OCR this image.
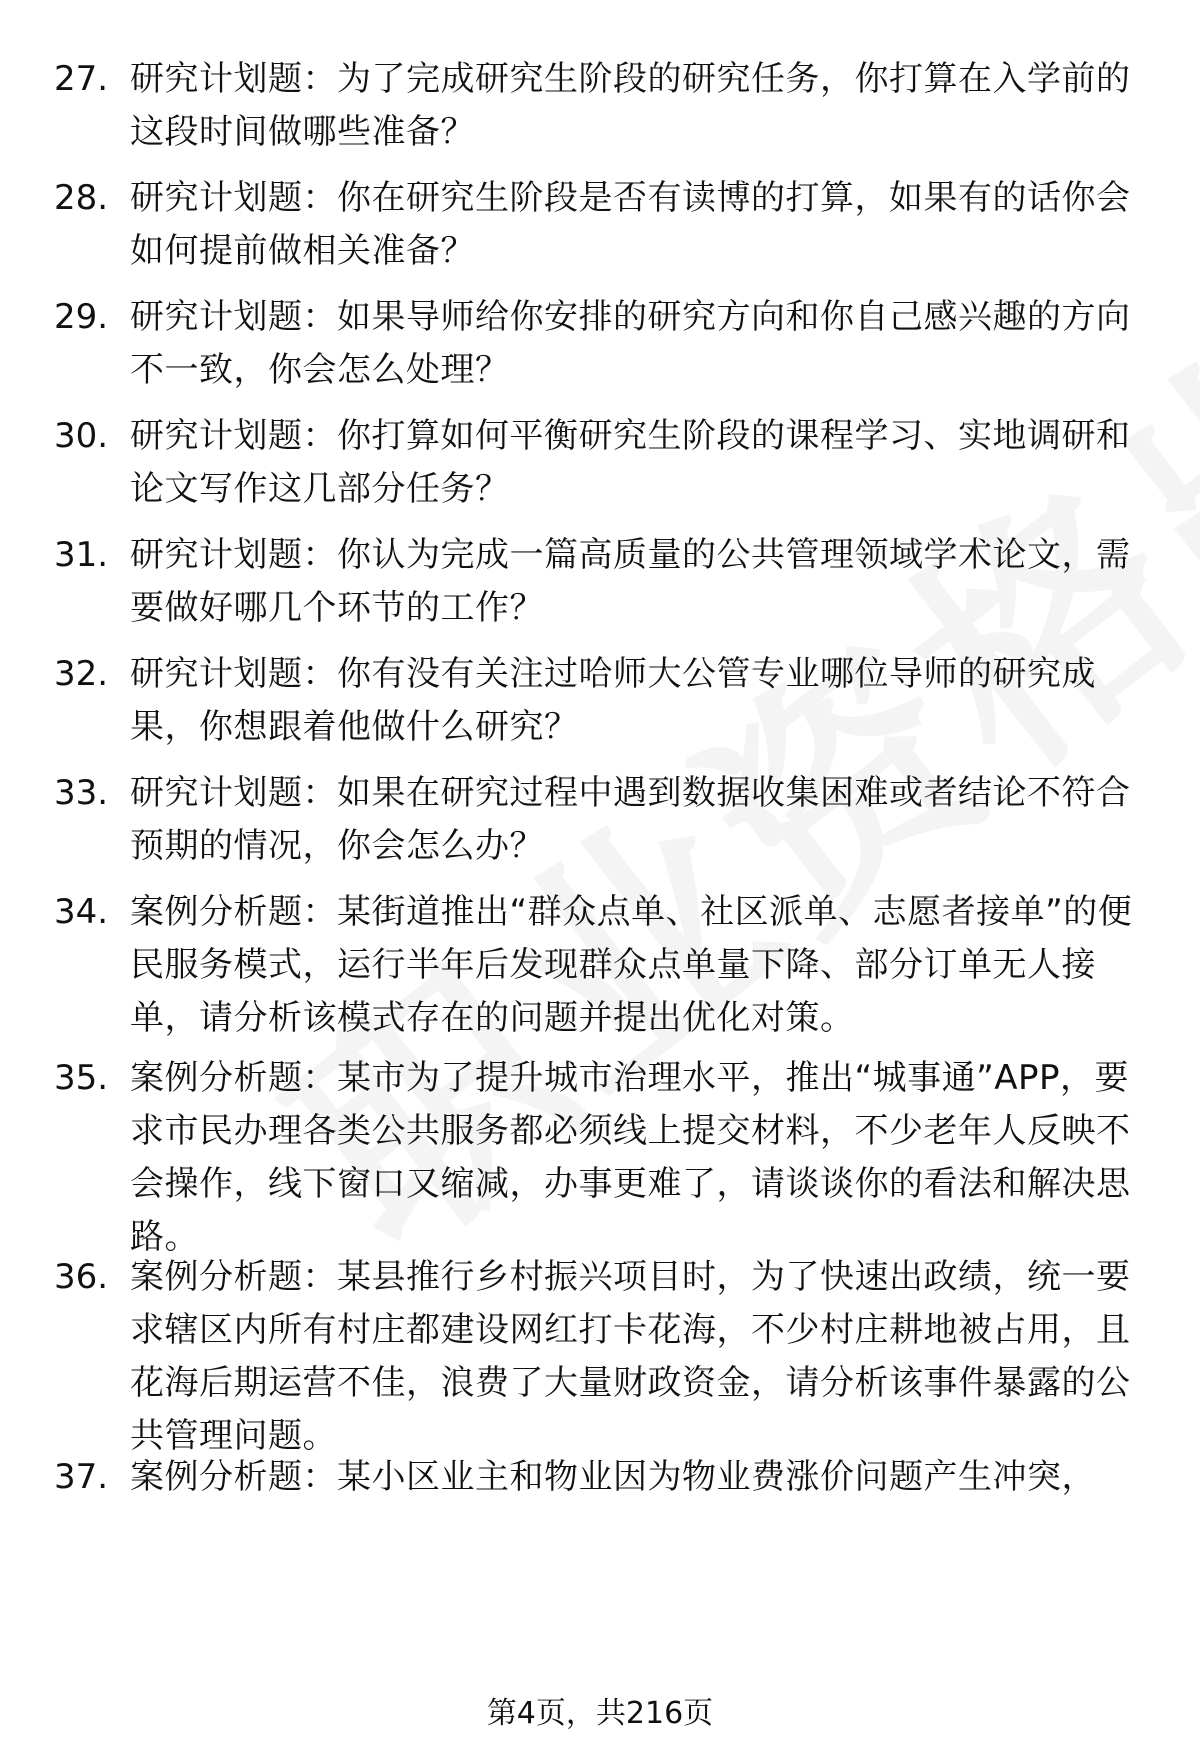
27. 研究计划题：为了完成研究生阶段的研究任务，你打算在入学前的这段时间做哪些准备？
28. 研究计划题：你在研究生阶段是否有读博的打算，如果有的话你会如何提前做相关准备？
29. 研究计划题：如果导师给你安排的研究方向和你自己感兴趣的方向不一致，你会怎么处理？
30. 研究计划题：你打算如何平衡研究生阶段的课程学习、实地调研和论文写作这几部分任务？
31. 研究计划题：你认为完成一篇高质量的公共管理领域学术论文，需要做好哪几个环节的工作？
32. 研究计划题：你有没有关注过哈师大公管专业哪位导师的研究成果，你想跟着他做什么研究？
33. 研究计划题：如果在研究过程中遇到数据收集困难或者结论不符合预期的情况，你会怎么办？
34. 案例分析题：某街道推出“群众点单、社区派单、志愿者接单”的便民服务模式，运行半年后发现群众点单量下降、部分订单无人接单，请分析该模式存在的问题并提出优化对策。
35. 案例分析题：某市为了提升城市治理水平，推出“城事通”APP，要求市民办理各类公共服务都必须线上提交材料，不少老年人反映不会操作，线下窗口又缩减，办事更难了，请谈谈你的看法和解决思路。
36. 案例分析题：某县推行乡村振兴项目时，为了快速出政绩，统一要求辖区内所有村庄都建设网红打卡花海，不少村庄耕地被占用，且花海后期运营不佳，浪费了大量财政资金，请分析该事件暴露的公共管理问题。
37. 案例分析题：某小区业主和物业因为物业费涨价问题产生冲突，
第4页，共216页
